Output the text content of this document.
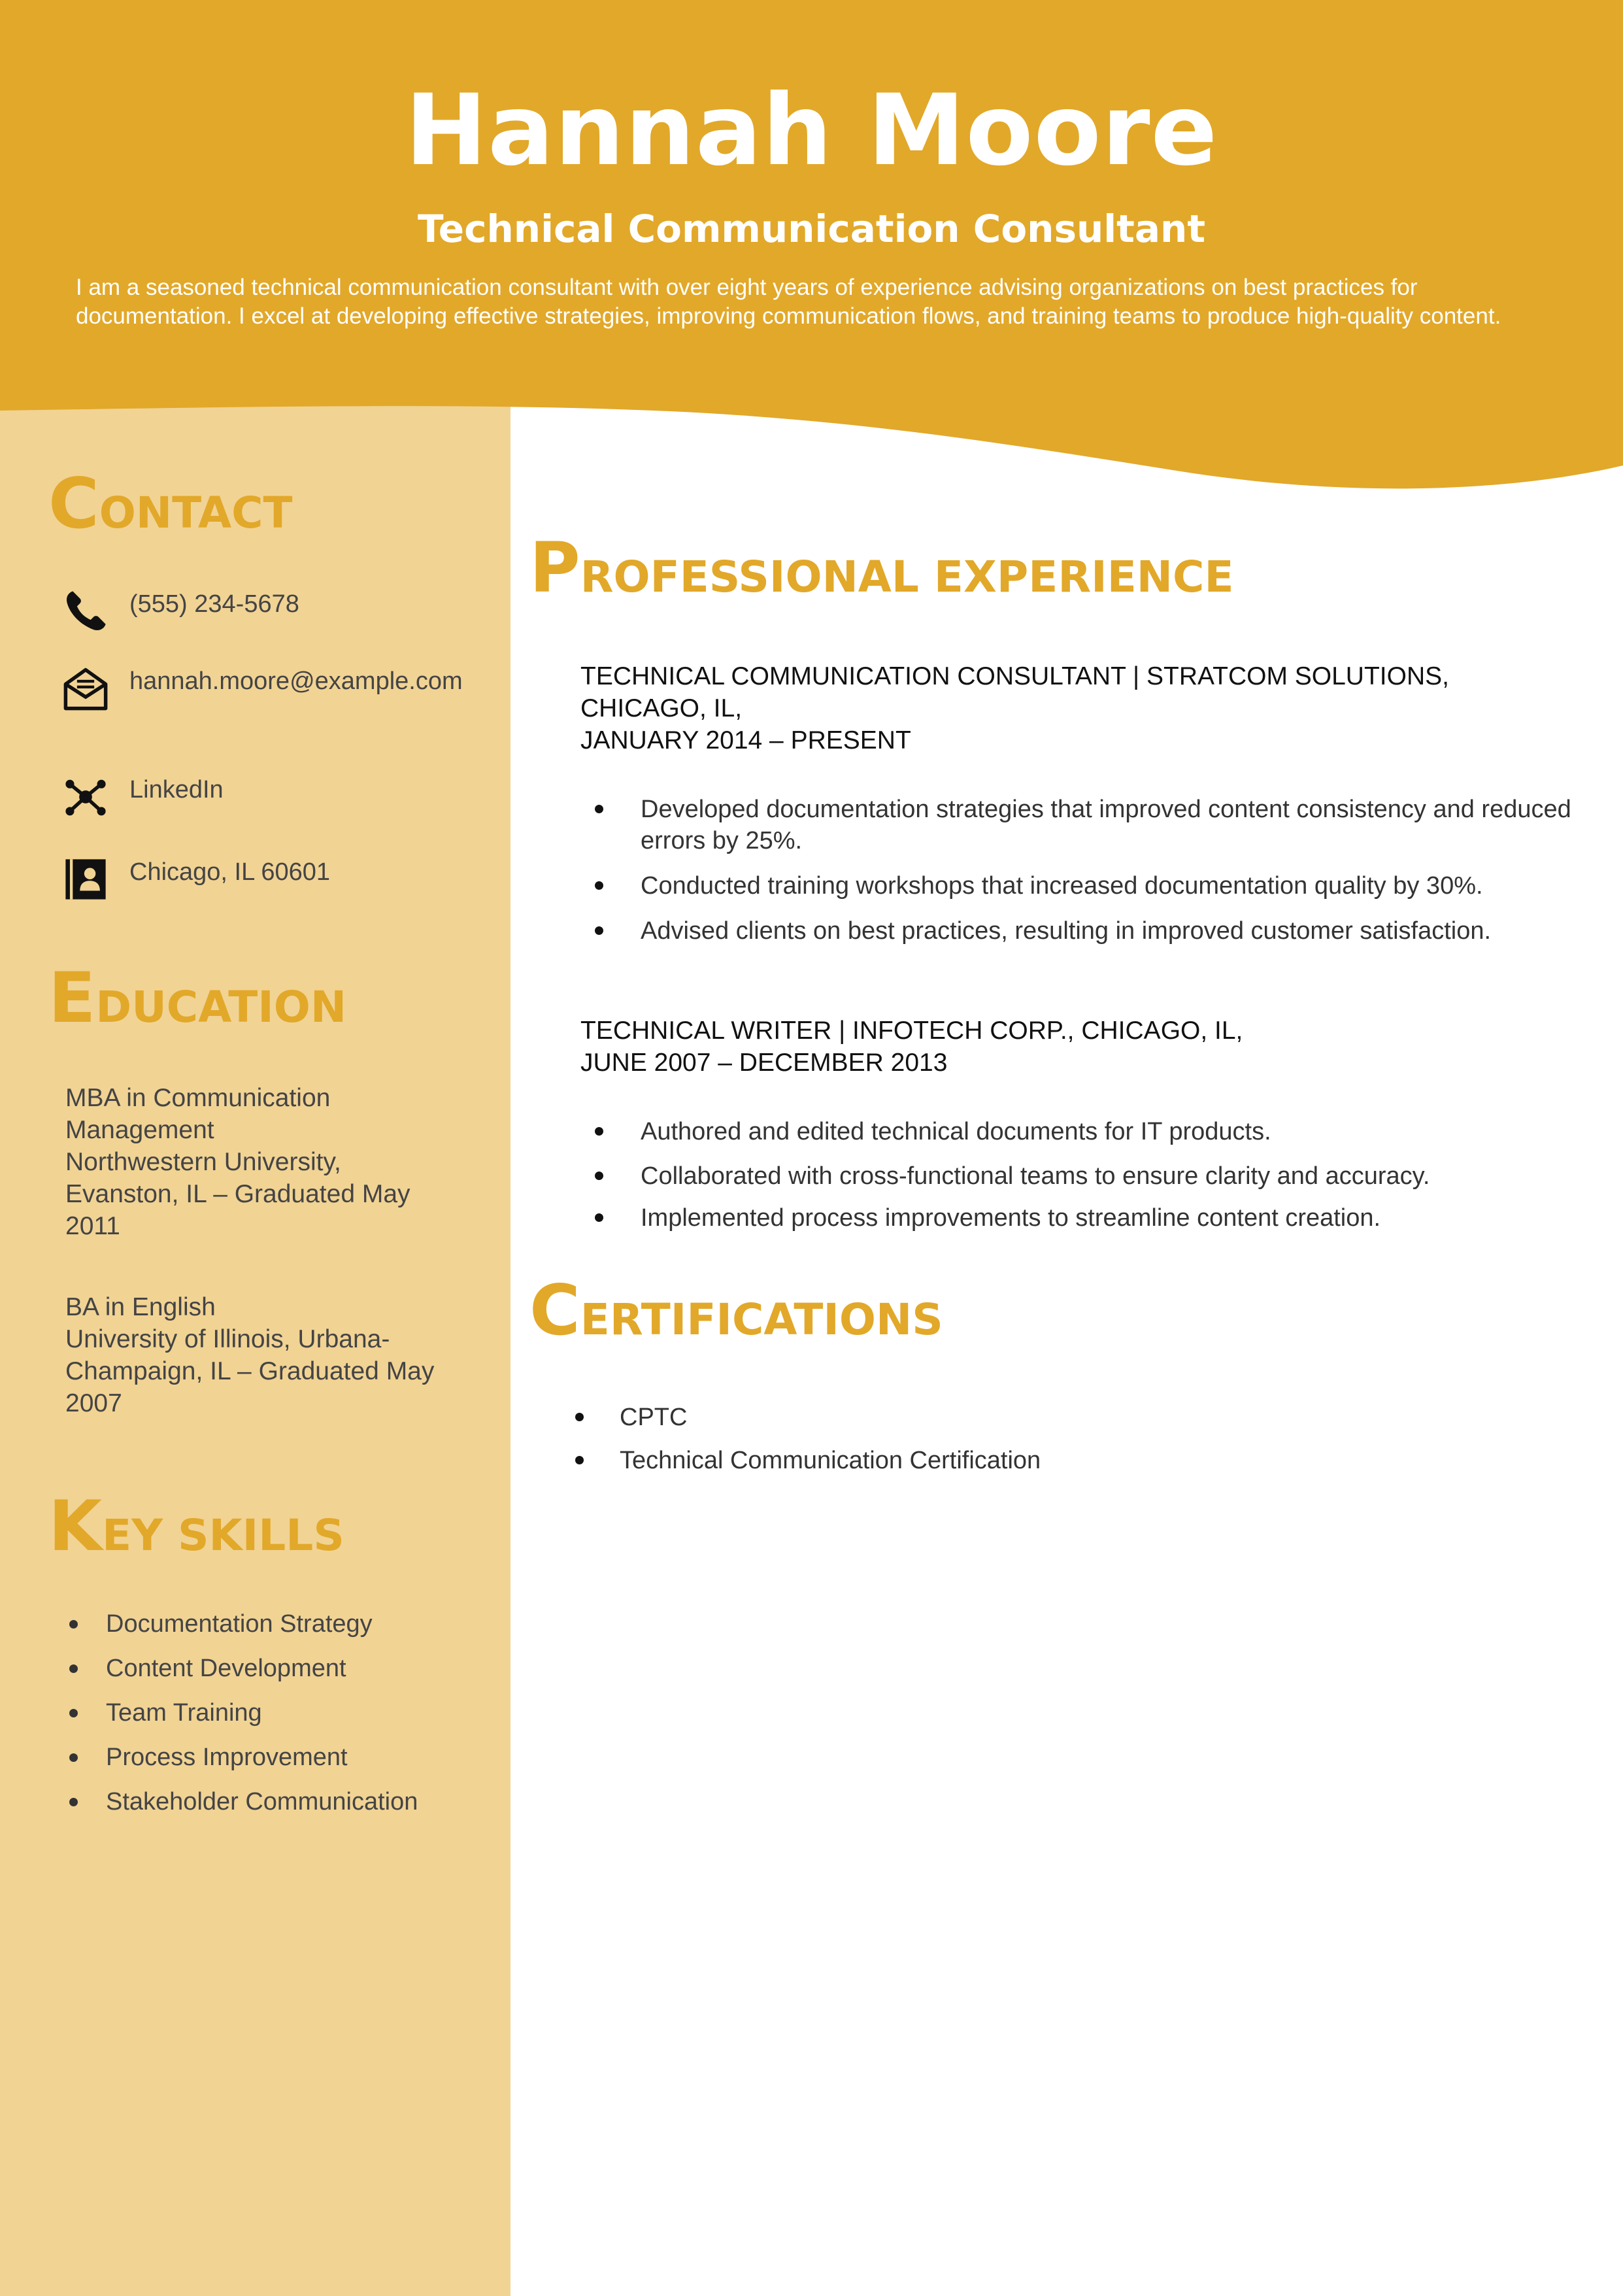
Hannah Moore
Technical Communication Consultant
I am a seasoned technical communication consultant with over eight years of experience advising organizations on best practices for documentation. I excel at developing effective strategies, improving communication flows, and training teams to produce high-quality content.
CONTACT
(555) 234-5678
hannah.moore@example.com
LinkedIn
Chicago, IL 60601
EDUCATION
MBA in Communication Management
Northwestern University, Evanston, IL – Graduated May 2011
BA in English
University of Illinois, Urbana-Champaign, IL – Graduated May 2007
KEY SKILLS
Documentation Strategy
Content Development
Team Training
Process Improvement
Stakeholder Communication
PROFESSIONAL EXPERIENCE
TECHNICAL COMMUNICATION CONSULTANT | STRATCOM SOLUTIONS, CHICAGO, IL,
JANUARY 2014 – PRESENT
Developed documentation strategies that improved content consistency and reduced errors by 25%.
Conducted training workshops that increased documentation quality by 30%.
Advised clients on best practices, resulting in improved customer satisfaction.
TECHNICAL WRITER | INFOTECH CORP., CHICAGO, IL,
JUNE 2007 – DECEMBER 2013
Authored and edited technical documents for IT products.
Collaborated with cross-functional teams to ensure clarity and accuracy.
Implemented process improvements to streamline content creation.
CERTIFICATIONS
CPTC
Technical Communication Certification
